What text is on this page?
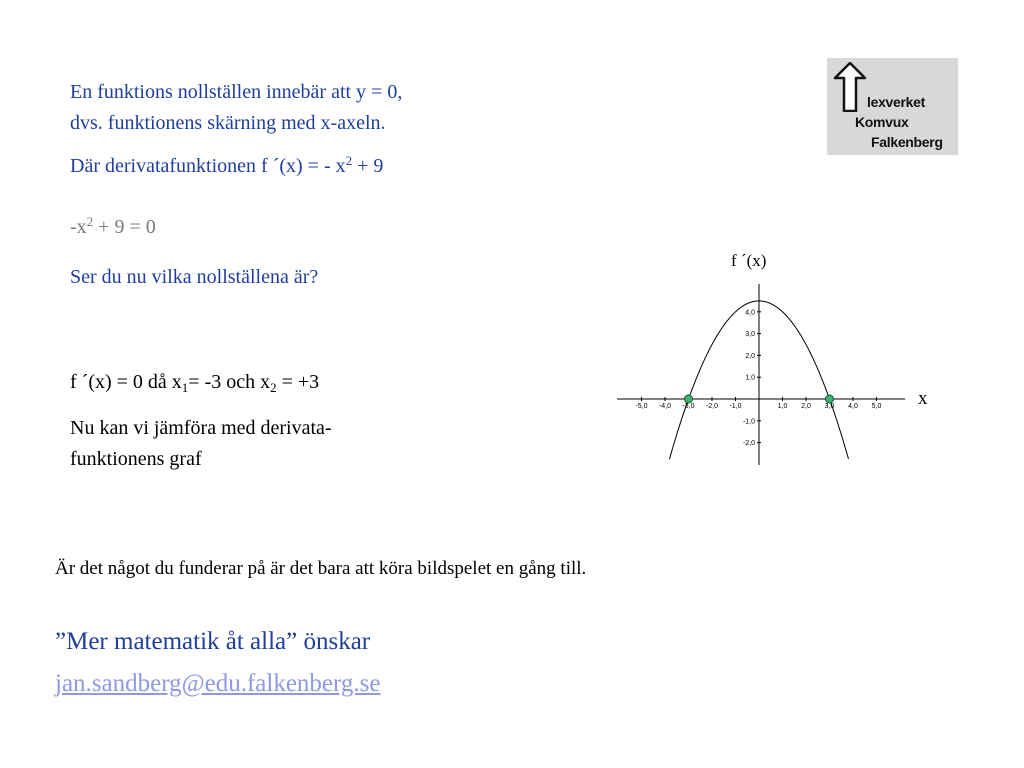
En funktions nollställen innebär att y = 0,
dvs. funktionens skärning med x-axeln.
Där derivatafunktionen f ´(x) = - $x^2 + 9$
$-x^2 + 9 = 0$
Ser du nu vilka nollställena är?
f ´(x) = 0 då $x_1= -3$ och $x_2 = +3$
Nu kan vi jämföra med derivata-
funktionens graf
Är det något du funderar på är det bara att köra bildspelet en gång till.
”Mer matematik åt alla” önskar
jan.sandberg@edu.falkenberg.se
lexverket
Komvux
Falkenberg
-5,0 -4,0 -3,0 -2,0 -1,0	1,0 2,0 3,0 4,0 5,0
4,0
3,0
2,0
1,0
-1,0
-2,0
f ´(x)
x
